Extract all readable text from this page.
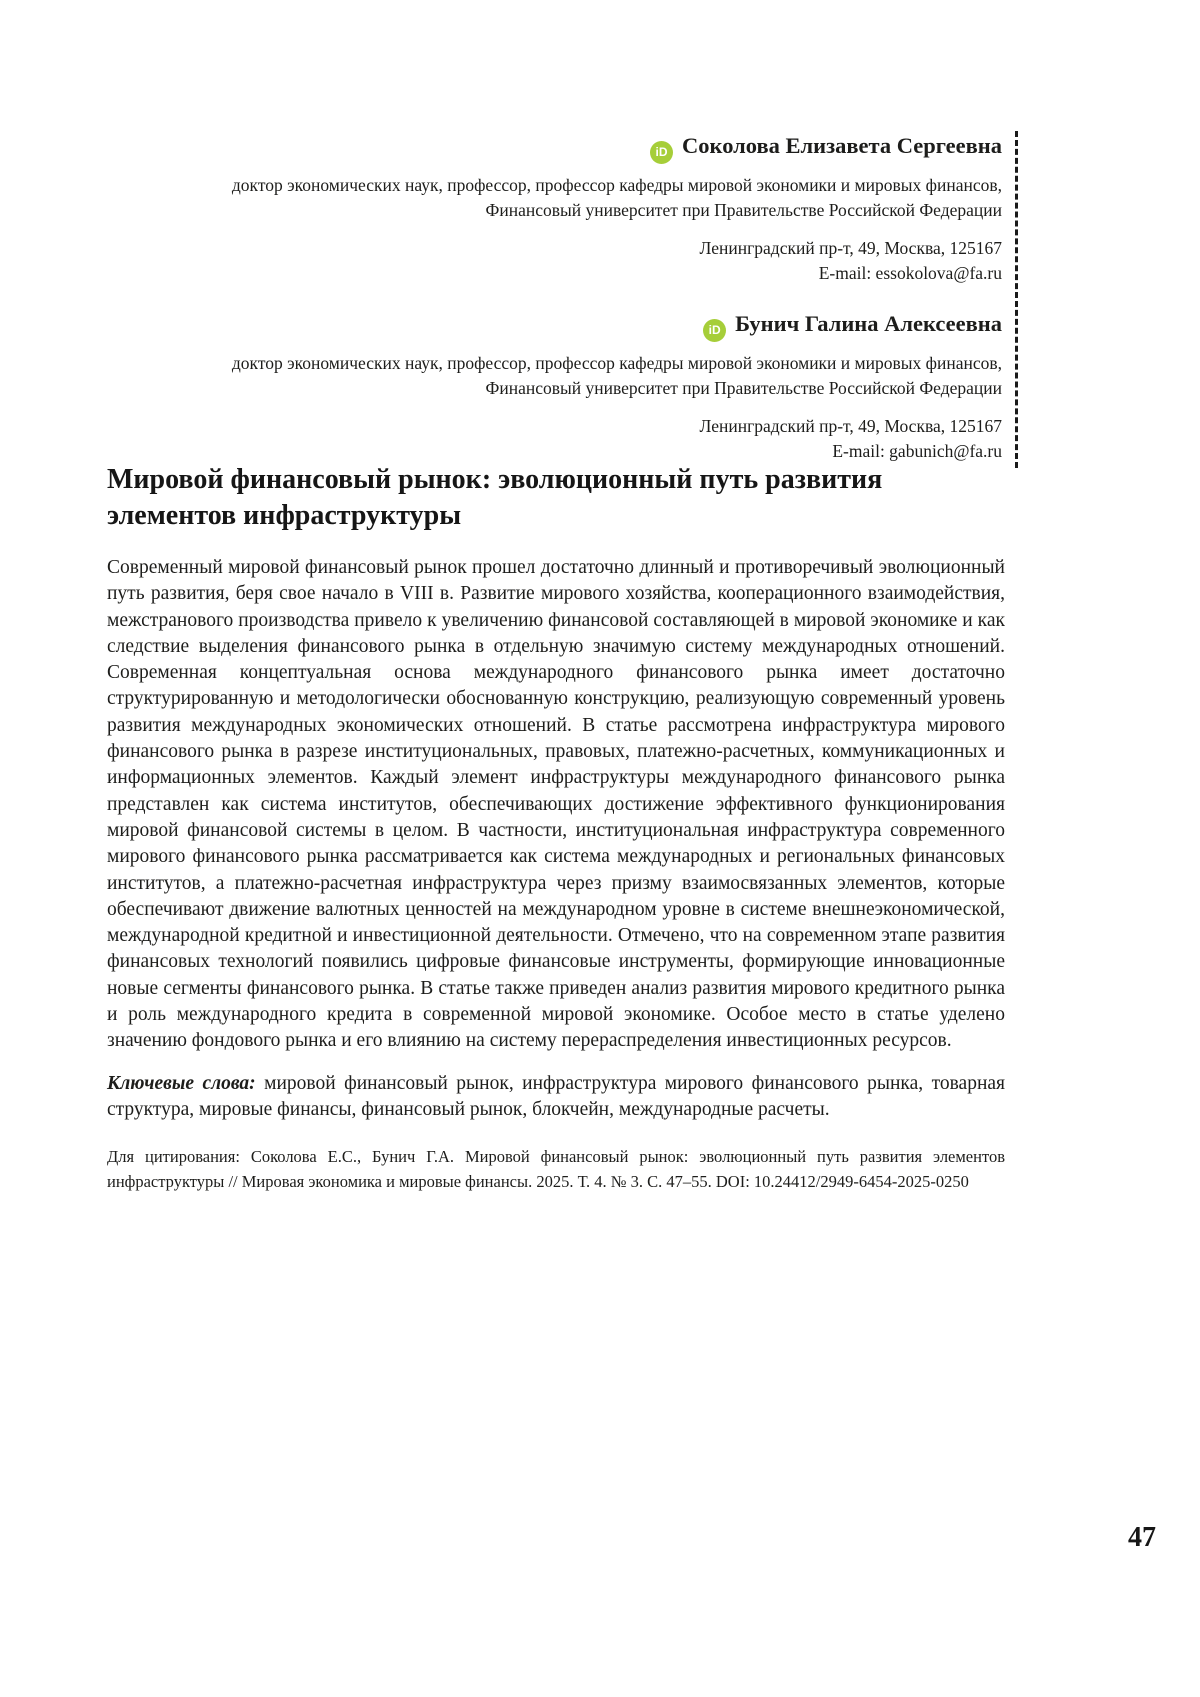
iD Соколова Елизавета Сергеевна
доктор экономических наук, профессор, профессор кафедры мировой экономики и мировых финансов,
Финансовый университет при Правительстве Российской Федерации
Ленинградский пр-т, 49, Москва, 125167
E-mail: essokolova@fa.ru
iD Бунич Галина Алексеевна
доктор экономических наук, профессор, профессор кафедры мировой экономики и мировых финансов,
Финансовый университет при Правительстве Российской Федерации
Ленинградский пр-т, 49, Москва, 125167
E-mail: gabunich@fa.ru
Мировой финансовый рынок: эволюционный путь развития элементов инфраструктуры

Современный мировой финансовый рынок прошел достаточно длинный и противоречивый эволюционный путь развития, беря свое начало в VIII в. Развитие мирового хозяйства, кооперационного взаимодействия, межстранового производства привело к увеличению финансовой составляющей в мировой экономике и как следствие выделения финансового рынка в отдельную значимую систему международных отношений. Современная концептуальная основа международного финансового рынка имеет достаточно структурированную и методологически обоснованную конструкцию, реализующую современный уровень развития международных экономических отношений. В статье рассмотрена инфраструктура мирового финансового рынка в разрезе институциональных, правовых, платежно-расчетных, коммуникационных и информационных элементов. Каждый элемент инфраструктуры международного финансового рынка представлен как система институтов, обеспечивающих достижение эффективного функционирования мировой финансовой системы в целом. В частности, институциональная инфраструктура современного мирового финансового рынка рассматривается как система международных и региональных финансовых институтов, а платежно-расчетная инфраструктура через призму взаимосвязанных элементов, которые обеспечивают движение валютных ценностей на международном уровне в системе внешнеэкономической, международной кредитной и инвестиционной деятельности. Отмечено, что на современном этапе развития финансовых технологий появились цифровые финансовые инструменты, формирующие инновационные новые сегменты финансового рынка. В статье также приведен анализ развития мирового кредитного рынка и роль международного кредита в современной мировой экономике. Особое место в статье уделено значению фондового рынка и его влиянию на систему перераспределения инвестиционных ресурсов.

Ключевые слова: мировой финансовый рынок, инфраструктура мирового финансового рынка, товарная структура, мировые финансы, финансовый рынок, блокчейн, международные расчеты.

Для цитирования: Соколова Е.С., Бунич Г.А. Мировой финансовый рынок: эволюционный путь развития элементов инфраструктуры // Мировая экономика и мировые финансы. 2025. Т. 4. № 3. С. 47–55. DOI: 10.24412/2949-6454-2025-0250

47
